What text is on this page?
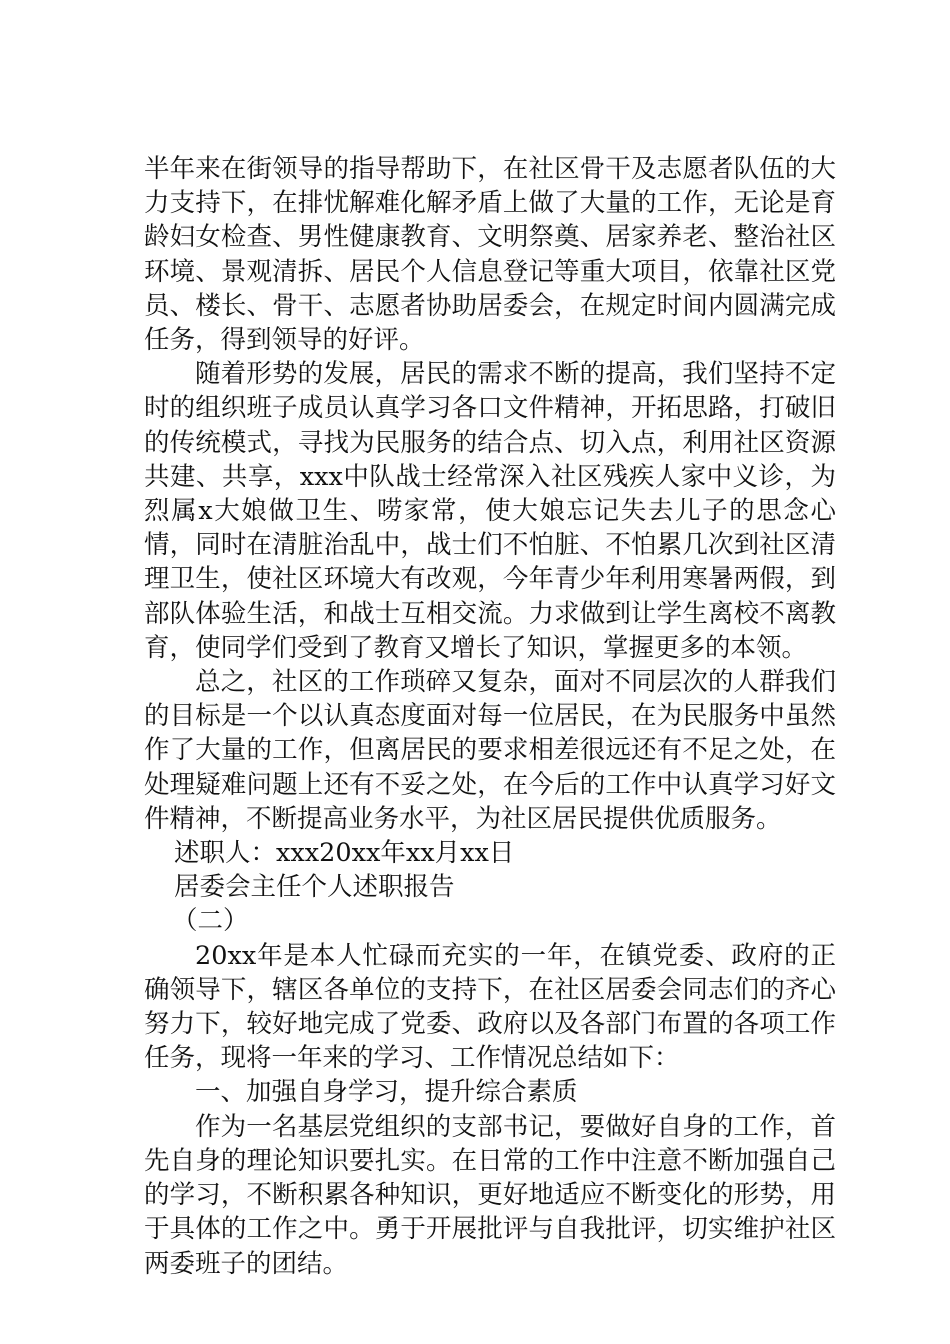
半年来在街领导的指导帮助下，在社区骨干及志愿者队伍的大力支持下，在排忧解难化解矛盾上做了大量的工作，无论是育龄妇女检查、男性健康教育、文明祭奠、居家养老、整治社区环境、景观清拆、居民个人信息登记等重大项目，依靠社区党员、楼长、骨干、志愿者协助居委会，在规定时间内圆满完成任务，得到领导的好评。

随着形势的发展，居民的需求不断的提高，我们坚持不定时的组织班子成员认真学习各口文件精神，开拓思路，打破旧的传统模式，寻找为民服务的结合点、切入点，利用社区资源共建、共享，xxx中队战士经常深入社区残疾人家中义诊，为烈属x大娘做卫生、唠家常，使大娘忘记失去儿子的思念心情，同时在清脏治乱中，战士们不怕脏、不怕累几次到社区清理卫生，使社区环境大有改观，今年青少年利用寒暑两假，到部队体验生活，和战士互相交流。力求做到让学生离校不离教育，使同学们受到了教育又增长了知识，掌握更多的本领。

总之，社区的工作琐碎又复杂，面对不同层次的人群我们的目标是一个以认真态度面对每一位居民，在为民服务中虽然作了大量的工作，但离居民的要求相差很远还有不足之处，在处理疑难问题上还有不妥之处，在今后的工作中认真学习好文件精神，不断提高业务水平，为社区居民提供优质服务。

述职人：xxx20xx年xx月xx日

居委会主任个人述职报告

（二）

20xx年是本人忙碌而充实的一年，在镇党委、政府的正确领导下，辖区各单位的支持下，在社区居委会同志们的齐心努力下，较好地完成了党委、政府以及各部门布置的各项工作任务，现将一年来的学习、工作情况总结如下：

一、加强自身学习，提升综合素质

作为一名基层党组织的支部书记，要做好自身的工作，首先自身的理论知识要扎实。在日常的工作中注意不断加强自己的学习，不断积累各种知识，更好地适应不断变化的形势，用于具体的工作之中。勇于开展批评与自我批评，切实维护社区两委班子的团结。
